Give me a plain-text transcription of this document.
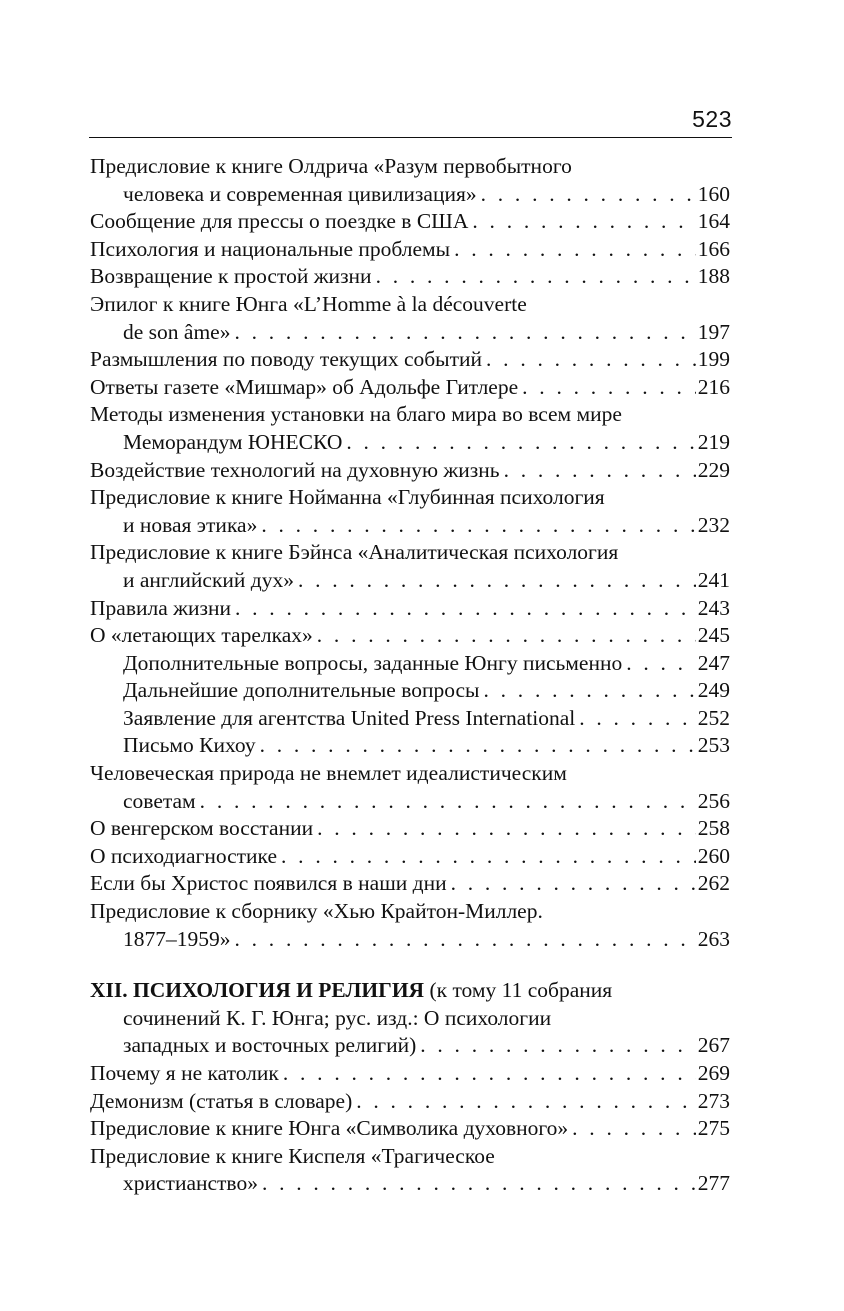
523
Предисловие к книге Олдрича «Разум первобытного
человека и современная цивилизация» . . .	160
Сообщение для прессы о поездке в США . . .	164
Психология и национальные проблемы . . .	166
Возвращение к простой жизни . . .	188
Эпилог к книге Юнга «L’Homme à la découverte
de son âme» . . .	197
Размышления по поводу текущих событий . . .	199
Ответы газете «Мишмар» об Адольфе Гитлере . . .	216
Методы изменения установки на благо мира во всем мире
Меморандум ЮНЕСКО . . .	219
Воздействие технологий на духовную жизнь . . .	229
Предисловие к книге Нойманна «Глубинная психология
и новая этика» . . .	232
Предисловие к книге Бэйнса «Аналитическая психология
и английский дух» . . .	241
Правила жизни . . .	243
О «летающих тарелках» . . .	245
Дополнительные вопросы, заданные Юнгу письменно . . .	247
Дальнейшие дополнительные вопросы . . .	249
Заявление для агентства United Press International . . .	252
Письмо Кихоу . . .	253
Человеческая природа не внемлет идеалистическим
советам . . .	256
О венгерском восстании . . .	258
О психодиагностике . . .	260
Если бы Христос появился в наши дни . . .	262
Предисловие к сборнику «Хью Крайтон-Миллер.
1877–1959» . . .	263
XII. ПСИХОЛОГИЯ И РЕЛИГИЯ (к тому 11 собрания
сочинений К. Г. Юнга; рус. изд.: О психологии
западных и восточных религий) . . .	267
Почему я не католик . . .	269
Демонизм (статья в словаре) . . .	273
Предисловие к книге Юнга «Символика духовного» . . .	275
Предисловие к книге Киспеля «Трагическое
христианство» . . .	277
